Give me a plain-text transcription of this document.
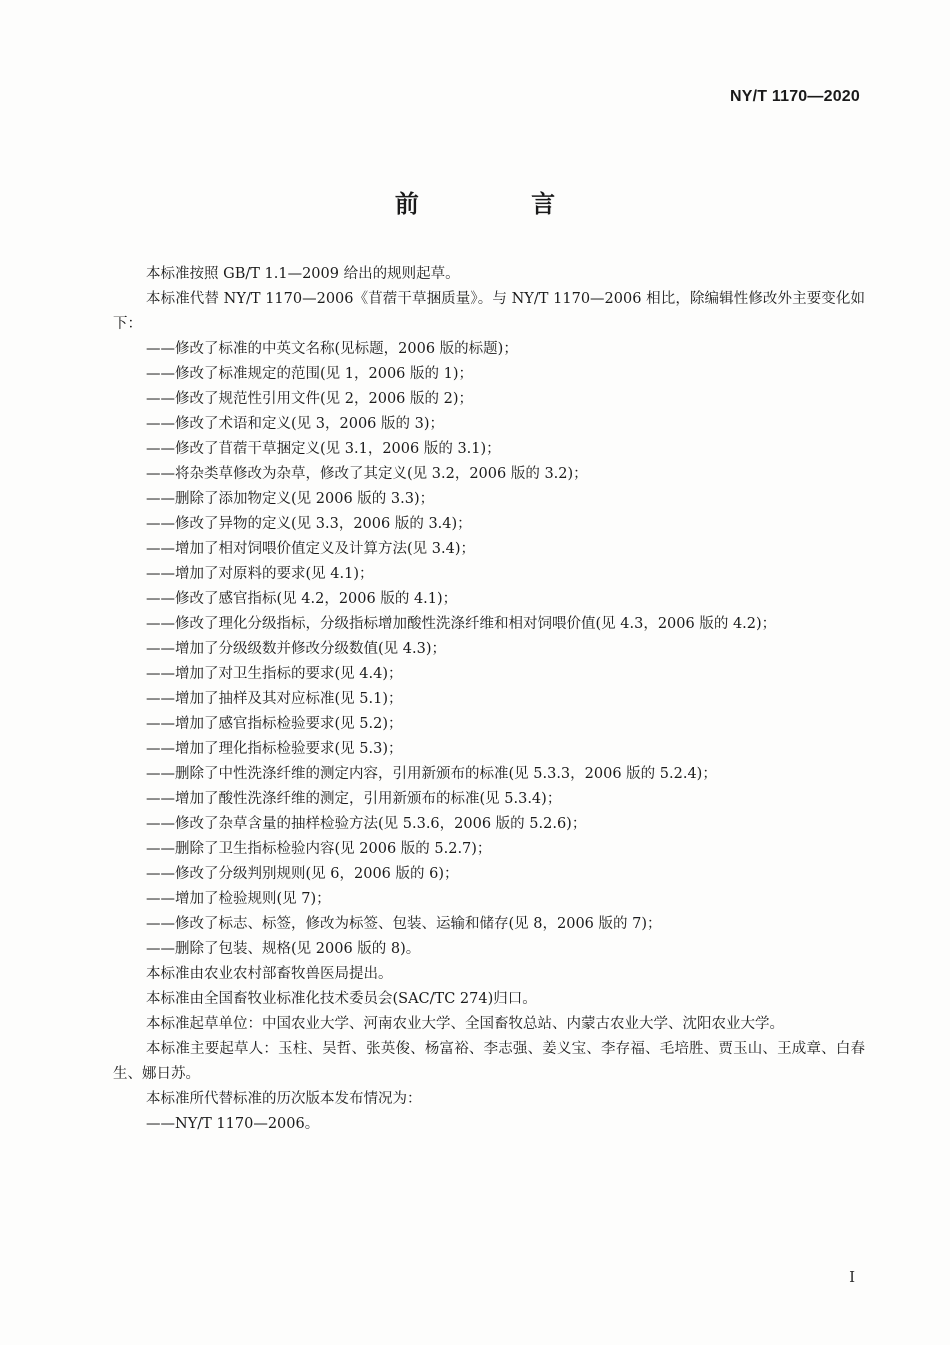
NY/T 1170—2020
前 言

本标准按照 GB/T 1.1—2009 给出的规则起草。

本标准代替 NY/T 1170—2006《苜蓿干草捆质量》。与 NY/T 1170—2006 相比，除编辑性修改外主要变化如下：

——修改了标准的中英文名称(见标题，2006 版的标题)；

——修改了标准规定的范围(见 1，2006 版的 1)；

——修改了规范性引用文件(见 2，2006 版的 2)；

——修改了术语和定义(见 3，2006 版的 3)；

——修改了苜蓿干草捆定义(见 3.1，2006 版的 3.1)；

——将杂类草修改为杂草，修改了其定义(见 3.2，2006 版的 3.2)；

——删除了添加物定义(见 2006 版的 3.3)；

——修改了异物的定义(见 3.3，2006 版的 3.4)；

——增加了相对饲喂价值定义及计算方法(见 3.4)；

——增加了对原料的要求(见 4.1)；

——修改了感官指标(见 4.2，2006 版的 4.1)；

——修改了理化分级指标，分级指标增加酸性洗涤纤维和相对饲喂价值(见 4.3，2006 版的 4.2)；

——增加了分级级数并修改分级数值(见 4.3)；

——增加了对卫生指标的要求(见 4.4)；

——增加了抽样及其对应标准(见 5.1)；

——增加了感官指标检验要求(见 5.2)；

——增加了理化指标检验要求(见 5.3)；

——删除了中性洗涤纤维的测定内容，引用新颁布的标准(见 5.3.3，2006 版的 5.2.4)；

——增加了酸性洗涤纤维的测定，引用新颁布的标准(见 5.3.4)；

——修改了杂草含量的抽样检验方法(见 5.3.6，2006 版的 5.2.6)；

——删除了卫生指标检验内容(见 2006 版的 5.2.7)；

——修改了分级判别规则(见 6，2006 版的 6)；

——增加了检验规则(见 7)；

——修改了标志、标签，修改为标签、包装、运输和储存(见 8，2006 版的 7)；

——删除了包装、规格(见 2006 版的 8)。

本标准由农业农村部畜牧兽医局提出。

本标准由全国畜牧业标准化技术委员会(SAC/TC 274)归口。

本标准起草单位：中国农业大学、河南农业大学、全国畜牧总站、内蒙古农业大学、沈阳农业大学。

本标准主要起草人：玉柱、吴哲、张英俊、杨富裕、李志强、姜义宝、李存福、毛培胜、贾玉山、王成章、白春生、娜日苏。

本标准所代替标准的历次版本发布情况为：

——NY/T 1170—2006。

I
